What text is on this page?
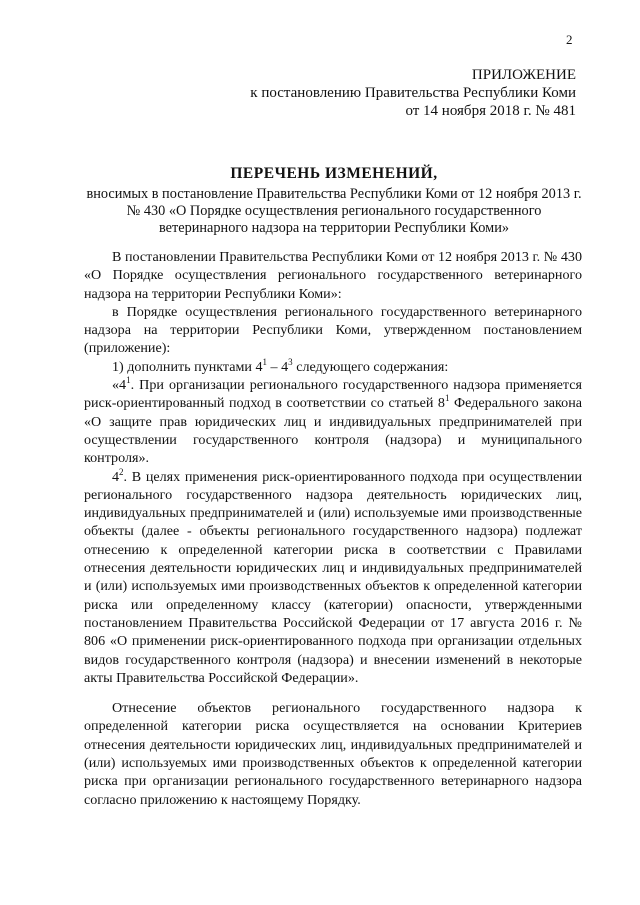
2
ПРИЛОЖЕНИЕ
к постановлению Правительства Республики Коми
от 14 ноября 2018 г. № 481
ПЕРЕЧЕНЬ ИЗМЕНЕНИЙ,
вносимых в постановление Правительства Республики Коми от 12 ноября 2013 г. № 430 «О Порядке осуществления регионального государственного ветеринарного надзора на территории Республики Коми»

В постановлении Правительства Республики Коми от 12 ноября 2013 г. № 430 «О Порядке осуществления регионального государственного ветеринарного надзора на территории Республики Коми»:

в Порядке осуществления регионального государственного ветеринарного надзора на территории Республики Коми, утвержденном постановлением (приложение):

1) дополнить пунктами $4^1 - 4^3$ следующего содержания:

«$4^1$. При организации регионального государственного надзора применяется риск-ориентированный подход в соответствии со статьей $8^1$ Федерального закона «О защите прав юридических лиц и индивидуальных предпринимателей при осуществлении государственного контроля (надзора) и муниципального контроля».

$4^2$. В целях применения риск-ориентированного подхода при осуществлении регионального государственного надзора деятельность юридических лиц, индивидуальных предпринимателей и (или) используемые ими производственные объекты (далее - объекты регионального государственного надзора) подлежат отнесению к определенной категории риска в соответствии с Правилами отнесения деятельности юридических лиц и индивидуальных предпринимателей и (или) используемых ими производственных объектов к определенной категории риска или определенному классу (категории) опасности, утвержденными постановлением Правительства Российской Федерации от 17 августа 2016 г. № 806 «О применении риск-ориентированного подхода при организации отдельных видов государственного контроля (надзора) и внесении изменений в некоторые акты Правительства Российской Федерации».

Отнесение объектов регионального государственного надзора к определенной категории риска осуществляется на основании Критериев отнесения деятельности юридических лиц, индивидуальных предпринимателей и (или) используемых ими производственных объектов к определенной категории риска при организации регионального государственного ветеринарного надзора согласно приложению к настоящему Порядку.
